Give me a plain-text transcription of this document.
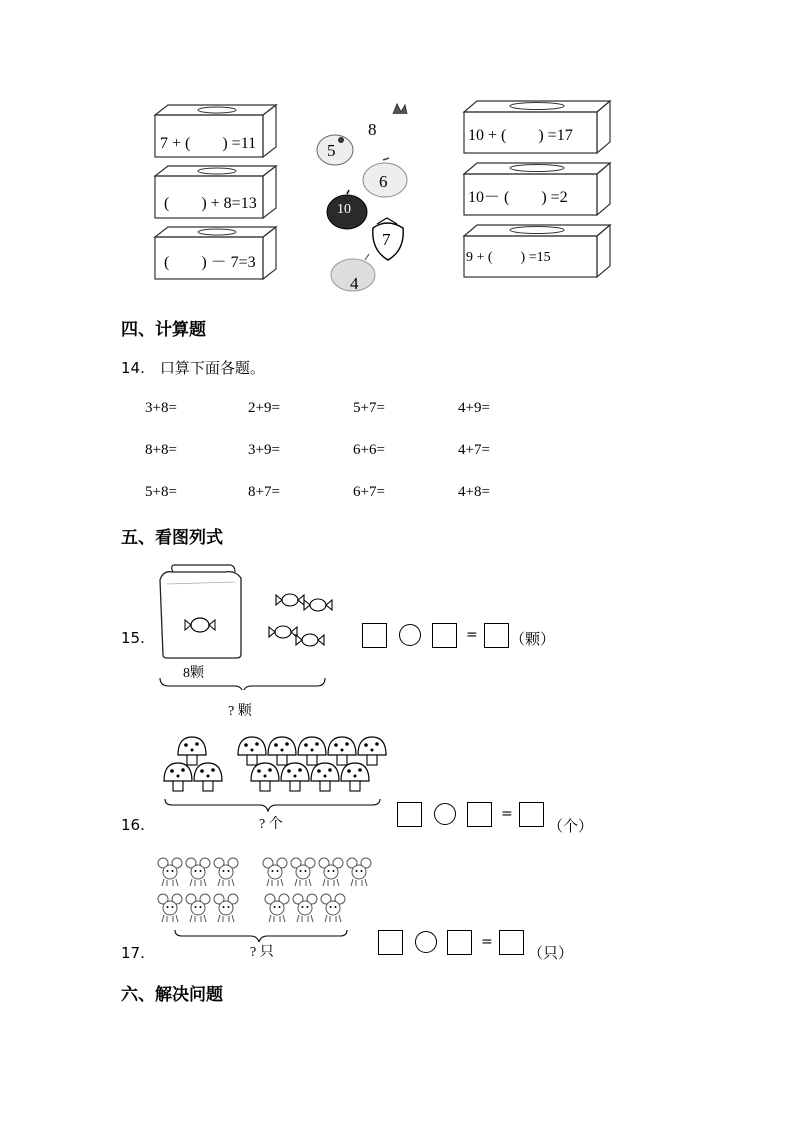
7 + (　　) =11
(　　) + 8=13
(　　) － 7=3
10 + (　　) =17
10－ (　　) =2
9 + (　　) =15
8
5
6
10
7
4
四、计算题
14.　口算下面各题。
3+8=	2+9=	5+7=	4+9=
8+8=	3+9=	6+6=	4+7=
5+8=	8+7=	6+7=	4+8=
五、看图列式
8颗
? 颗
15.	= （颗）
? 个
16.
=
（个）
? 只
17.
=
（只）
六、解决问题
